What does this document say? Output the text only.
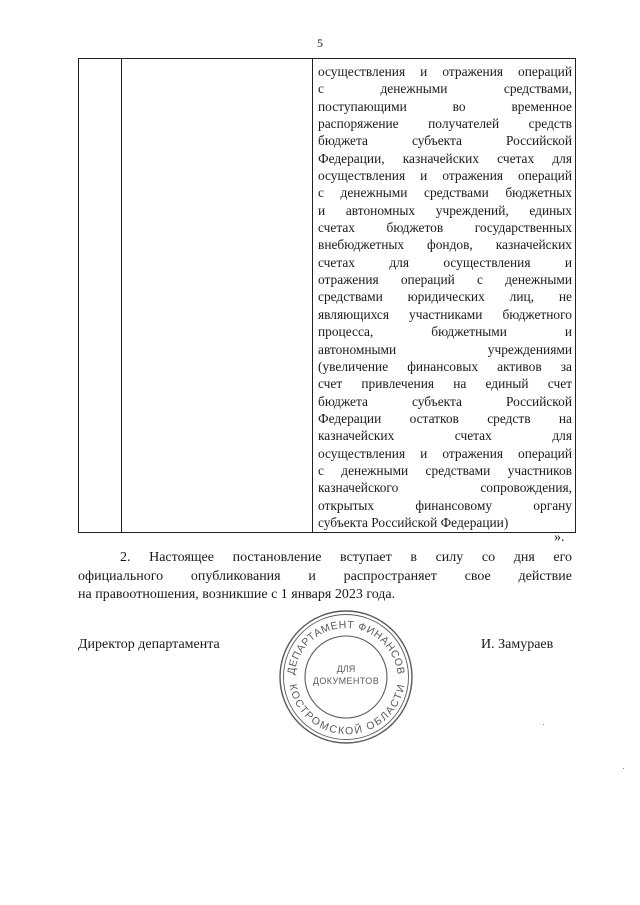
5

осуществления и отражения операций
с денежными средствами,
поступающими во временное
распоряжение получателей средств
бюджета субъекта Российской
Федерации, казначейских счетах для
осуществления и отражения операций
с денежными средствами бюджетных
и автономных учреждений, единых
счетах бюджетов государственных
внебюджетных фондов, казначейских
счетах для осуществления и
отражения операций с денежными
средствами юридических лиц, не
являющихся участниками бюджетного
процесса, бюджетными и
автономными учреждениями
(увеличение финансовых активов за
счет привлечения на единый счет
бюджета субъекта Российской
Федерации остатков средств на
казначейских счетах для
осуществления и отражения операций
с денежными средствами участников
казначейского сопровождения,
открытых финансовому органу
субъекта Российской Федерации)
».
2. Настоящее постановление вступает в силу со дня его
официального опубликования и распространяет свое действие
на правоотношения, возникшие с 1 января 2023 года.
Директор департамента	И. Замураев
ДЕПАРТАМЕНТ ФИНАНСОВ
КОСТРОМСКОЙ ОБЛАСТИ
ДЛЯ
ДОКУМЕНТОВ
